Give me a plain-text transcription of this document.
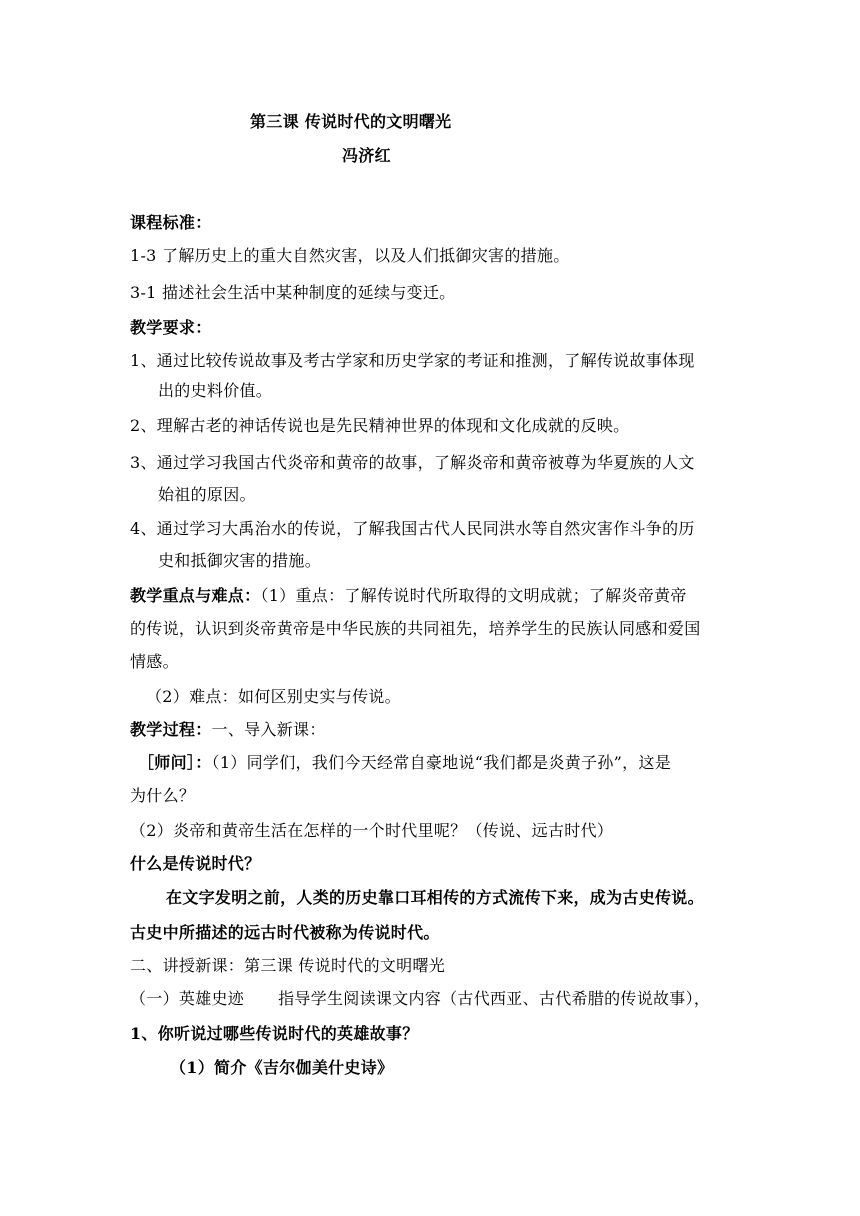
第三课 传说时代的文明曙光
冯济红
课程标准：
1-3 了解历史上的重大自然灾害，以及人们抵御灾害的措施。
3-1 描述社会生活中某种制度的延续与变迁。
教学要求：
1、通过比较传说故事及考古学家和历史学家的考证和推测，了解传说故事体现
出的史料价值。
2、理解古老的神话传说也是先民精神世界的体现和文化成就的反映。
3、通过学习我国古代炎帝和黄帝的故事，了解炎帝和黄帝被尊为华夏族的人文
始祖的原因。
4、通过学习大禹治水的传说，了解我国古代人民同洪水等自然灾害作斗争的历
史和抵御灾害的措施。
教学重点与难点：（1）重点：了解传说时代所取得的文明成就；了解炎帝黄帝
的传说，认识到炎帝黄帝是中华民族的共同祖先，培养学生的民族认同感和爱国
情感。
（2）难点：如何区别史实与传说。
教学过程：一、导入新课：
［师问］：（1）同学们，我们今天经常自豪地说“我们都是炎黄子孙”，这是
为什么？
（2）炎帝和黄帝生活在怎样的一个时代里呢？（传说、远古时代）
什么是传说时代？
在文字发明之前，人类的历史靠口耳相传的方式流传下来，成为古史传说。
古史中所描述的远古时代被称为传说时代。
二、讲授新课：第三课 传说时代的文明曙光
（一）英雄史迹 指导学生阅读课文内容（古代西亚、古代希腊的传说故事），
1、你听说过哪些传说时代的英雄故事？
（1）简介《吉尔伽美什史诗》
